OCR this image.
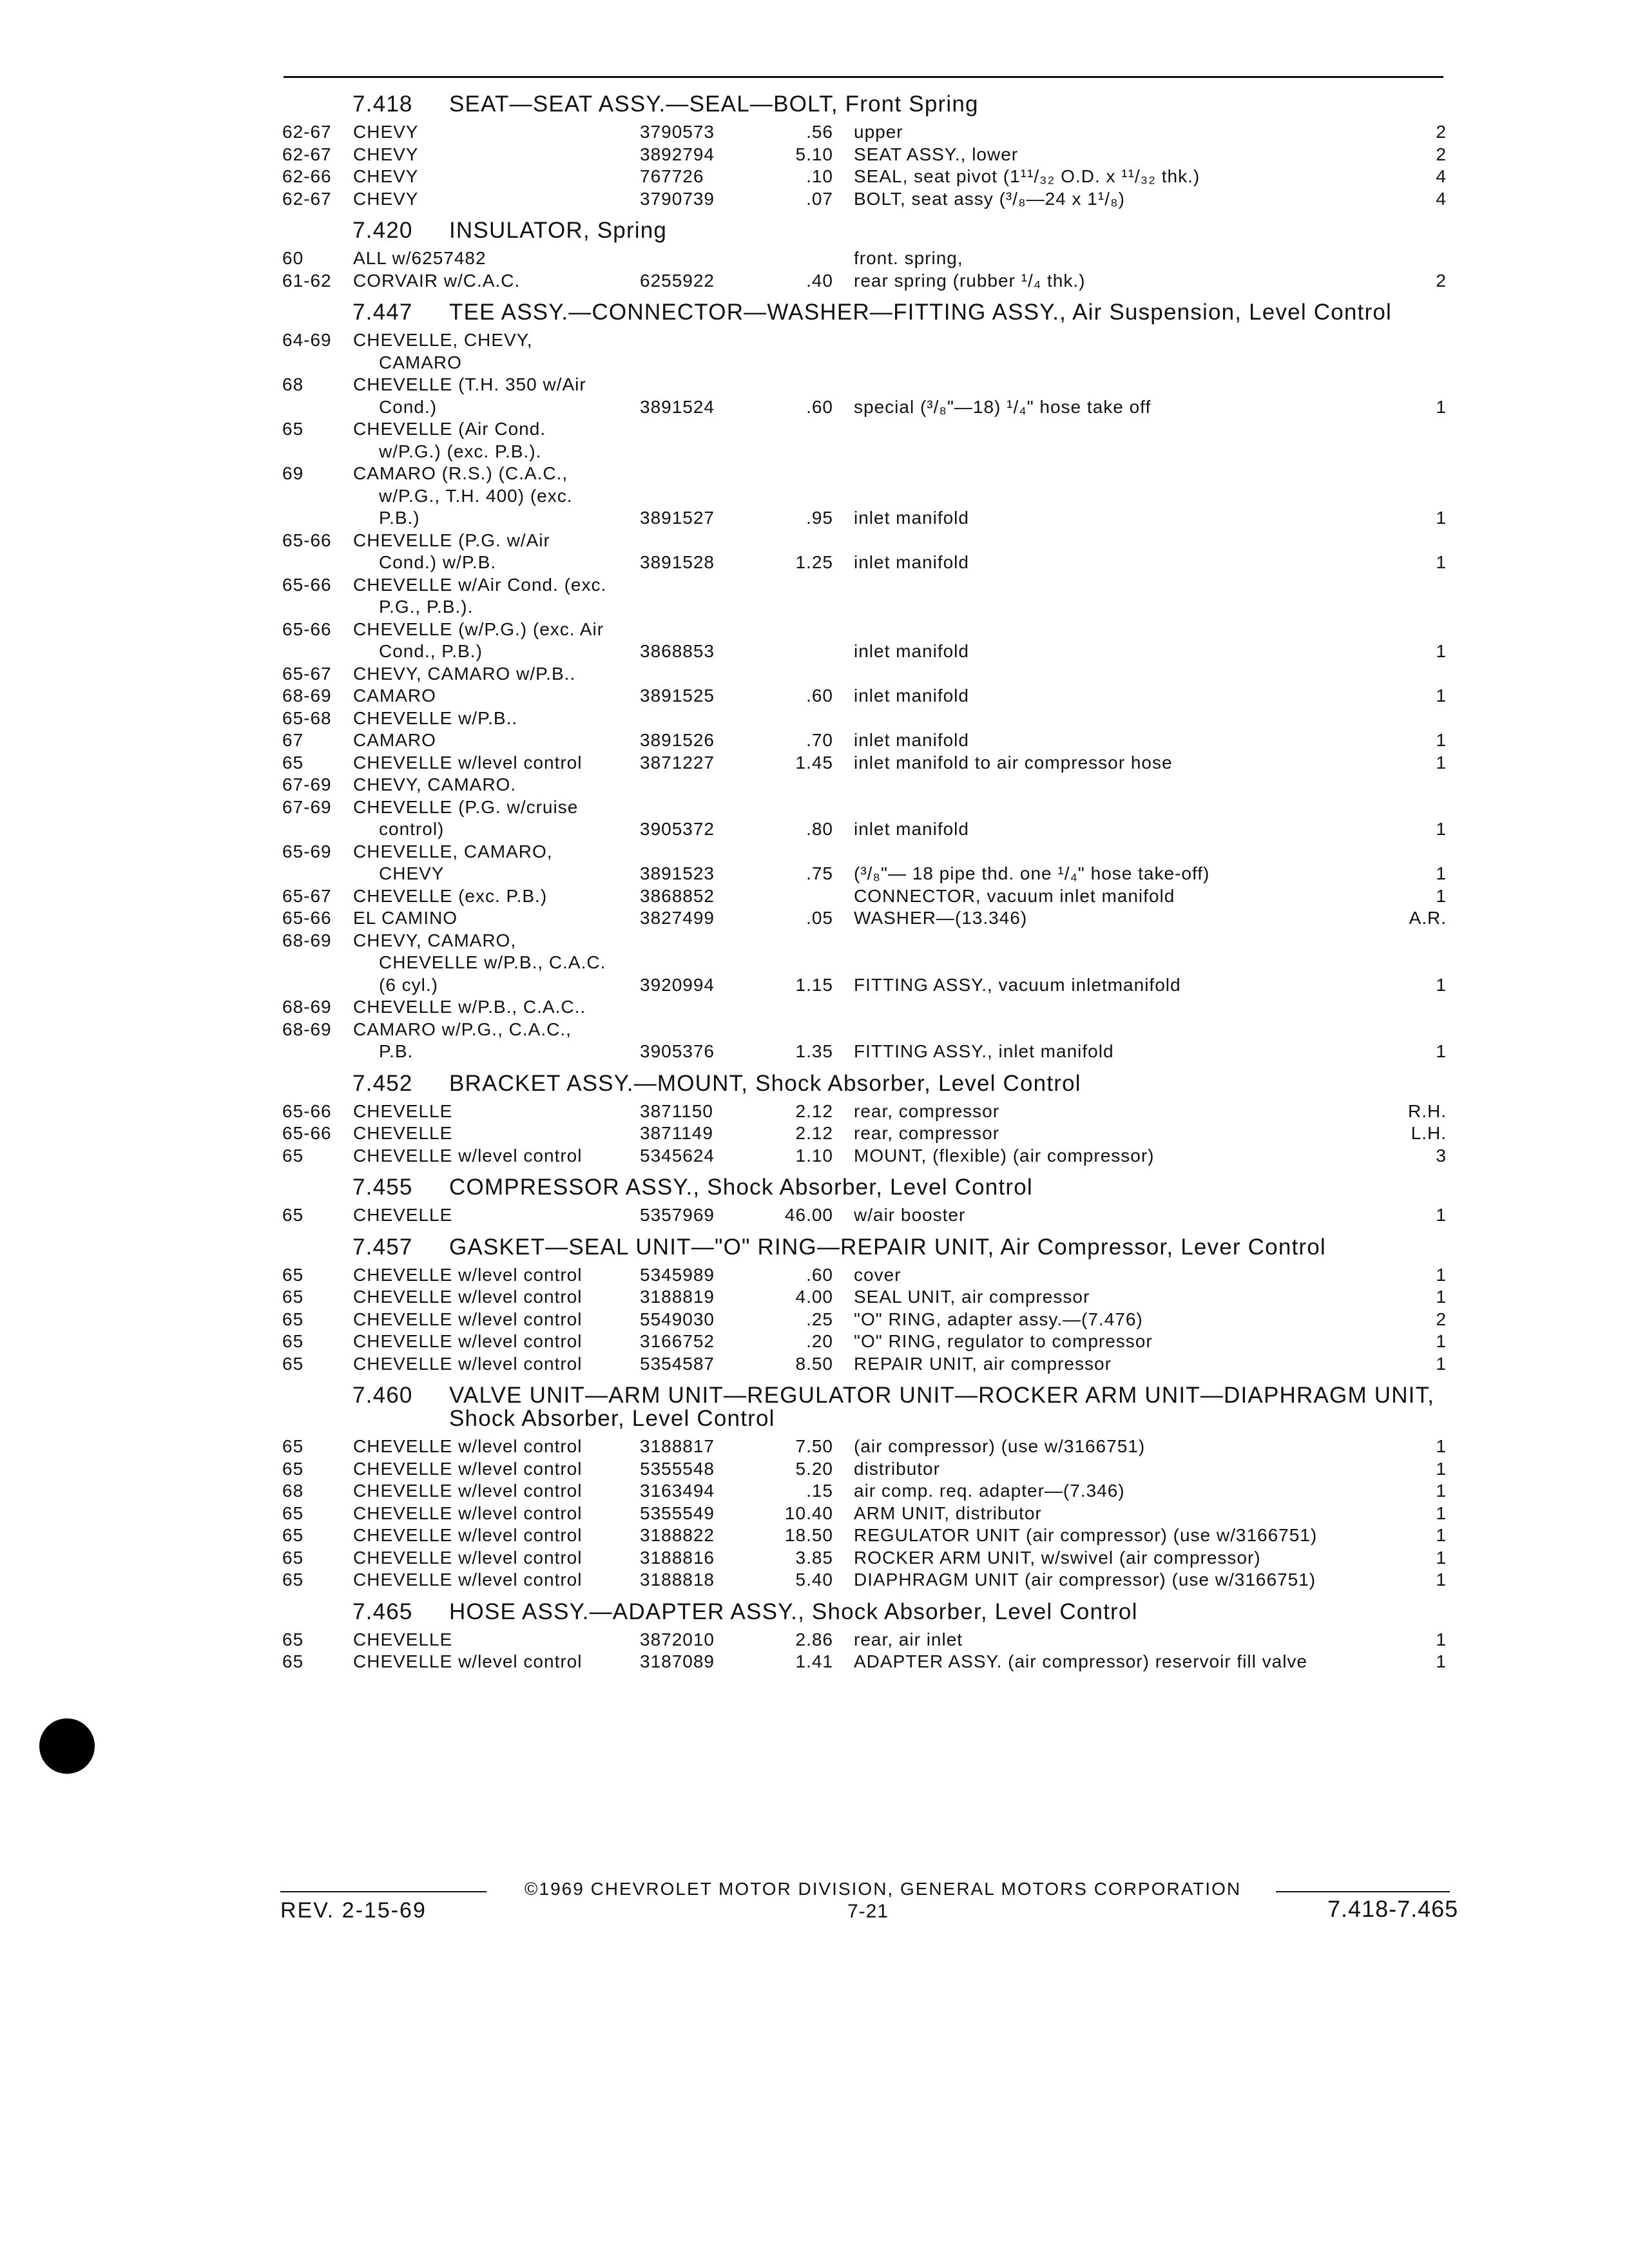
7.418	SEAT—SEAT ASSY.—SEAL—BOLT, Front Spring
62-67	CHEVY	3790573	.56	upper	2
62-67	CHEVY	3892794	5.10	SEAT ASSY., lower	2
62-66	CHEVY	767726	.10	SEAL, seat pivot (1¹¹/₃₂ O.D. x ¹¹/₃₂ thk.)	4
62-67	CHEVY	3790739	.07	BOLT, seat assy (³/₈—24 x 1¹/₈)	4
7.420	INSULATOR, Spring
60	ALL w/6257482	front. spring,
61-62	CORVAIR w/C.A.C.	6255922	.40	rear spring (rubber ¹/₄ thk.)	2
7.447	TEE ASSY.—CONNECTOR—WASHER—FITTING ASSY., Air Suspension, Level Control
64-69	CHEVELLE, CHEVY,
CAMARO
68	CHEVELLE (T.H. 350 w/Air
Cond.)	3891524	.60	special (³/₈"—18) ¹/₄" hose take off	1
65	CHEVELLE (Air Cond.
w/P.G.) (exc. P.B.).
69	CAMARO (R.S.) (C.A.C.,
w/P.G., T.H. 400) (exc.
P.B.)	3891527	.95	inlet manifold	1
65-66	CHEVELLE (P.G. w/Air
Cond.) w/P.B.	3891528	1.25	inlet manifold	1
65-66	CHEVELLE w/Air Cond. (exc.
P.G., P.B.).
65-66	CHEVELLE (w/P.G.) (exc. Air
Cond., P.B.)	3868853	inlet manifold	1
65-67	CHEVY, CAMARO w/P.B..
68-69	CAMARO	3891525	.60	inlet manifold	1
65-68	CHEVELLE w/P.B..
67	CAMARO	3891526	.70	inlet manifold	1
65	CHEVELLE w/level control	3871227	1.45	inlet manifold to air compressor hose	1
67-69	CHEVY, CAMARO.
67-69	CHEVELLE (P.G. w/cruise
control)	3905372	.80	inlet manifold	1
65-69	CHEVELLE, CAMARO,
CHEVY	3891523	.75	(³/₈"— 18 pipe thd. one ¹/₄" hose take-off)	1
65-67	CHEVELLE (exc. P.B.)	3868852	CONNECTOR, vacuum inlet manifold	1
65-66	EL CAMINO	3827499	.05	WASHER—(13.346)	A.R.
68-69	CHEVY, CAMARO,
CHEVELLE w/P.B., C.A.C.
(6 cyl.)	3920994	1.15	FITTING ASSY., vacuum inletmanifold	1
68-69	CHEVELLE w/P.B., C.A.C..
68-69	CAMARO w/P.G., C.A.C.,
P.B.	3905376	1.35	FITTING ASSY., inlet manifold	1
7.452	BRACKET ASSY.—MOUNT, Shock Absorber, Level Control
65-66	CHEVELLE	3871150	2.12	rear, compressor	R.H.
65-66	CHEVELLE	3871149	2.12	rear, compressor	L.H.
65	CHEVELLE w/level control	5345624	1.10	MOUNT, (flexible) (air compressor)	3
7.455	COMPRESSOR ASSY., Shock Absorber, Level Control
65	CHEVELLE	5357969	46.00	w/air booster	1
7.457	GASKET—SEAL UNIT—"O" RING—REPAIR UNIT, Air Compressor, Lever Control
65	CHEVELLE w/level control	5345989	.60	cover	1
65	CHEVELLE w/level control	3188819	4.00	SEAL UNIT, air compressor	1
65	CHEVELLE w/level control	5549030	.25	"O" RING, adapter assy.—(7.476)	2
65	CHEVELLE w/level control	3166752	.20	"O" RING, regulator to compressor	1
65	CHEVELLE w/level control	5354587	8.50	REPAIR UNIT, air compressor	1
7.460	VALVE UNIT—ARM UNIT—REGULATOR UNIT—ROCKER ARM UNIT—DIAPHRAGM UNIT, Shock Absorber, Level Control
65	CHEVELLE w/level control	3188817	7.50	(air compressor) (use w/3166751)	1
65	CHEVELLE w/level control	5355548	5.20	distributor	1
68	CHEVELLE w/level control	3163494	.15	air comp. req. adapter—(7.346)	1
65	CHEVELLE w/level control	5355549	10.40	ARM UNIT, distributor	1
65	CHEVELLE w/level control	3188822	18.50	REGULATOR UNIT (air compressor) (use w/3166751)	1
65	CHEVELLE w/level control	3188816	3.85	ROCKER ARM UNIT, w/swivel (air compressor)	1
65	CHEVELLE w/level control	3188818	5.40	DIAPHRAGM UNIT (air compressor) (use w/3166751)	1
7.465	HOSE ASSY.—ADAPTER ASSY., Shock Absorber, Level Control
65	CHEVELLE	3872010	2.86	rear, air inlet	1
65	CHEVELLE w/level control	3187089	1.41	ADAPTER ASSY. (air compressor) reservoir fill valve	1
©1969 CHEVROLET MOTOR DIVISION, GENERAL MOTORS CORPORATION
REV. 2-15-69	7-21	7.418-7.465
